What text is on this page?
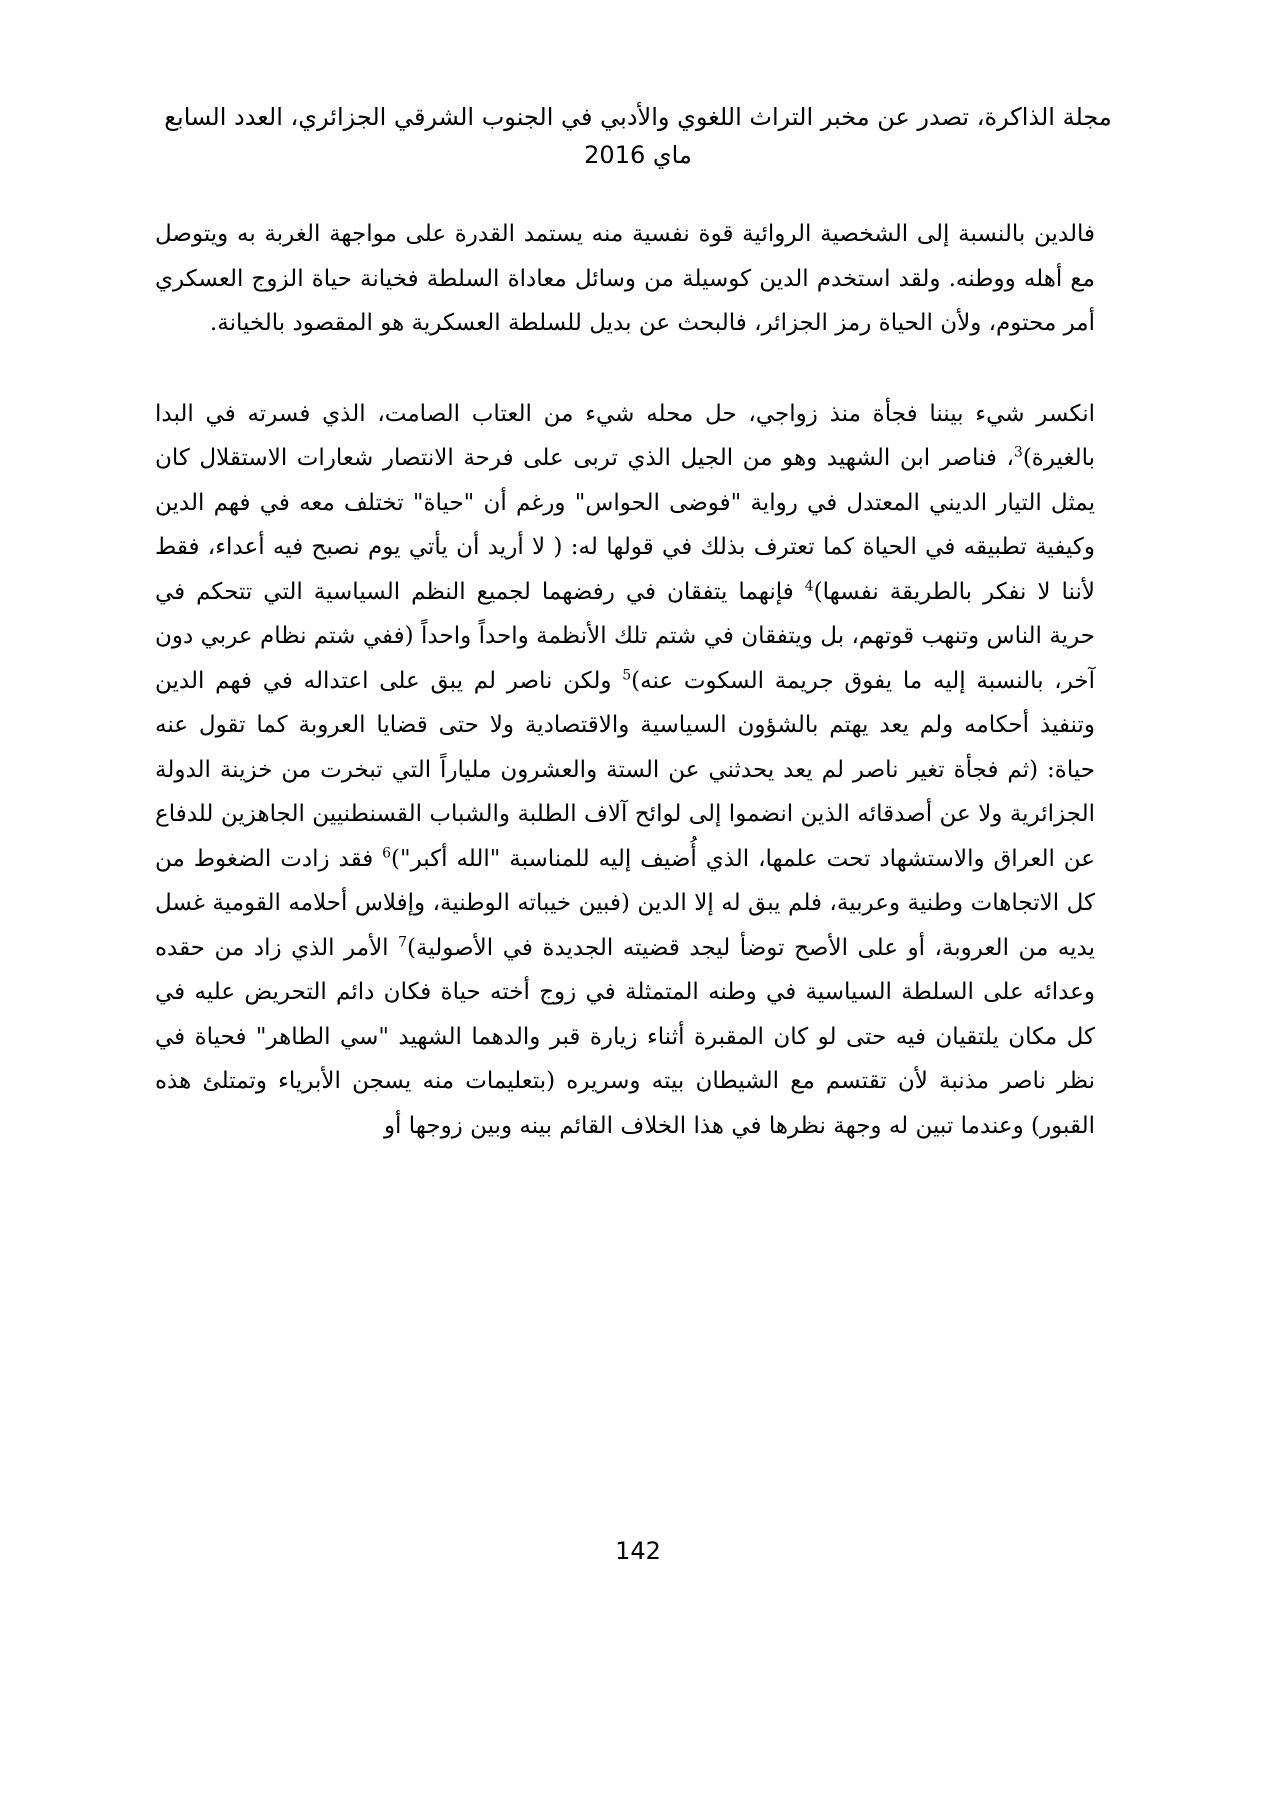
مجلة الذاكرة، تصدر عن مخبر التراث اللغوي والأدبي في الجنوب الشرقي الجزائري، العدد السابع
ماي 2016

فالدين بالنسبة إلى الشخصية الروائية قوة نفسية منه يستمد القدرة على مواجهة الغربة به ويتوصل مع أهله ووطنه. ولقد استخدم الدين كوسيلة من وسائل معاداة السلطة فخيانة حياة الزوج العسكري أمر محتوم، ولأن الحياة رمز الجزائر، فالبحث عن بديل للسلطة العسكرية هو المقصود بالخيانة.

انكسر شيء بيننا فجأة منذ زواجي، حل محله شيء من العتاب الصامت، الذي فسرته في البدا بالغيرة)$^3$، فناصر ابن الشهيد وهو من الجيل الذي تربى على فرحة الانتصار شعارات الاستقلال كان يمثل التيار الديني المعتدل في رواية "فوضى الحواس" ورغم أن "حياة" تختلف معه في فهم الدين وكيفية تطبيقه في الحياة كما تعترف بذلك في قولها له: ( لا أريد أن يأتي يوم نصبح فيه أعداء، فقط لأننا لا نفكر بالطريقة نفسها)$^4$ فإنهما يتفقان في رفضهما لجميع النظم السياسية التي تتحكم في حرية الناس وتنهب قوتهم، بل ويتفقان في شتم تلك الأنظمة واحداً واحداً (ففي شتم نظام عربي دون آخر، بالنسبة إليه ما يفوق جريمة السكوت عنه)$^5$ ولكن ناصر لم يبق على اعتداله في فهم الدين وتنفيذ أحكامه ولم يعد يهتم بالشؤون السياسية والاقتصادية ولا حتى قضايا العروبة كما تقول عنه حياة: (ثم فجأة تغير ناصر لم يعد يحدثني عن الستة والعشرون ملياراً التي تبخرت من خزينة الدولة الجزائرية ولا عن أصدقائه الذين انضموا إلى لوائح آلاف الطلبة والشباب القسنطنيين الجاهزين للدفاع عن العراق والاستشهاد تحت علمها، الذي أُضيف إليه للمناسبة "الله أكبر")$^6$ فقد زادت الضغوط من كل الاتجاهات وطنية وعربية، فلم يبق له إلا الدين (فبين خيباته الوطنية، وإفلاس أحلامه القومية غسل يديه من العروبة، أو على الأصح توضأ ليجد قضيته الجديدة في الأصولية)$^7$ الأمر الذي زاد من حقده وعدائه على السلطة السياسية في وطنه المتمثلة في زوج أخته حياة فكان دائم التحريض عليه في كل مكان يلتقيان فيه حتى لو كان المقبرة أثناء زيارة قبر والدهما الشهيد "سي الطاهر" فحياة في نظر ناصر مذنبة لأن تقتسم مع الشيطان بيته وسريره (بتعليمات منه يسجن الأبرياء وتمتلئ هذه القبور) وعندما تبين له وجهة نظرها في هذا الخلاف القائم بينه وبين زوجها أو

142
